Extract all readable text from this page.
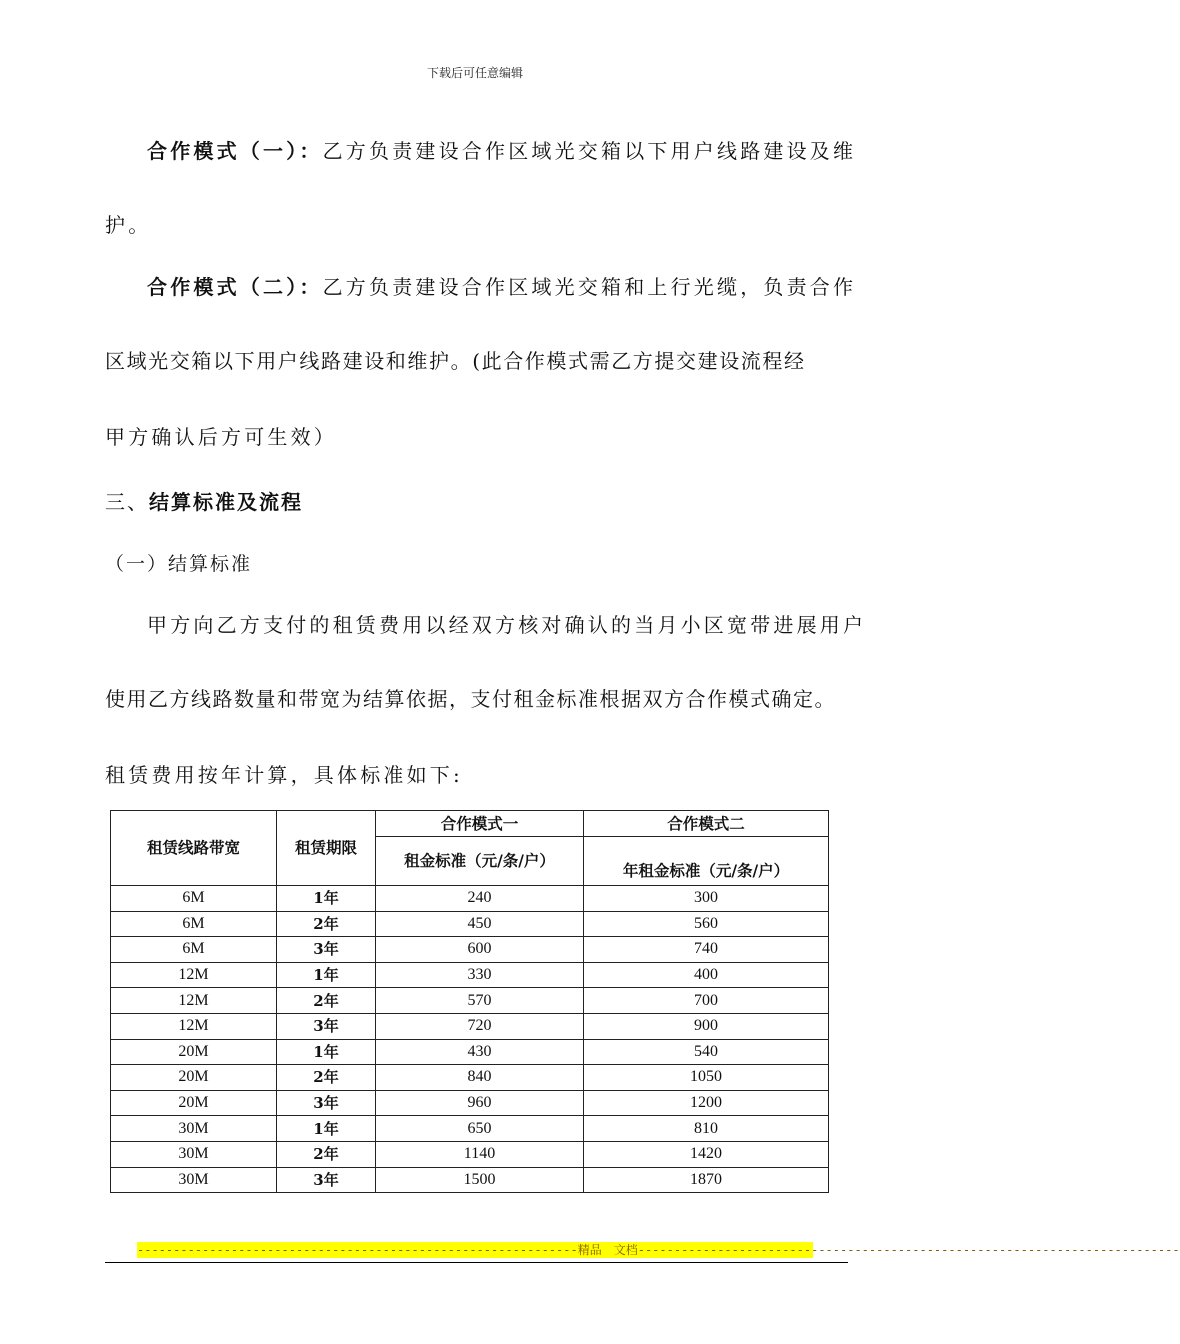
下载后可任意编辑
合作模式（一）：乙方负责建设合作区域光交箱以下用户线路建设及维
护。
合作模式（二）：乙方负责建设合作区域光交箱和上行光缆，负责合作
区域光交箱以下用户线路建设和维护。(此合作模式需乙方提交建设流程经
甲方确认后方可生效）
三、结算标准及流程
（一）结算标准
甲方向乙方支付的租赁费用以经双方核对确认的当月小区宽带进展用户
使用乙方线路数量和带宽为结算依据，支付租金标准根据双方合作模式确定。
租赁费用按年计算，具体标准如下:
租赁线路带宽	租赁期限	合作模式一	合作模式二
		租金标准（元/条/户）	年租金标准（元/条/户）
6M	1年	240	300
6M	2年	450	560
6M	3年	600	740
12M	1年	330	400
12M	2年	570	700
12M	3年	720	900
20M	1年	430	540
20M	2年	840	1050
20M	3年	960	1200
30M	1年	650	810
30M	2年	1140	1420
30M	3年	1500	1870
-------------------------------------------------------------精品　文档---------------------------------------------------------------------------
